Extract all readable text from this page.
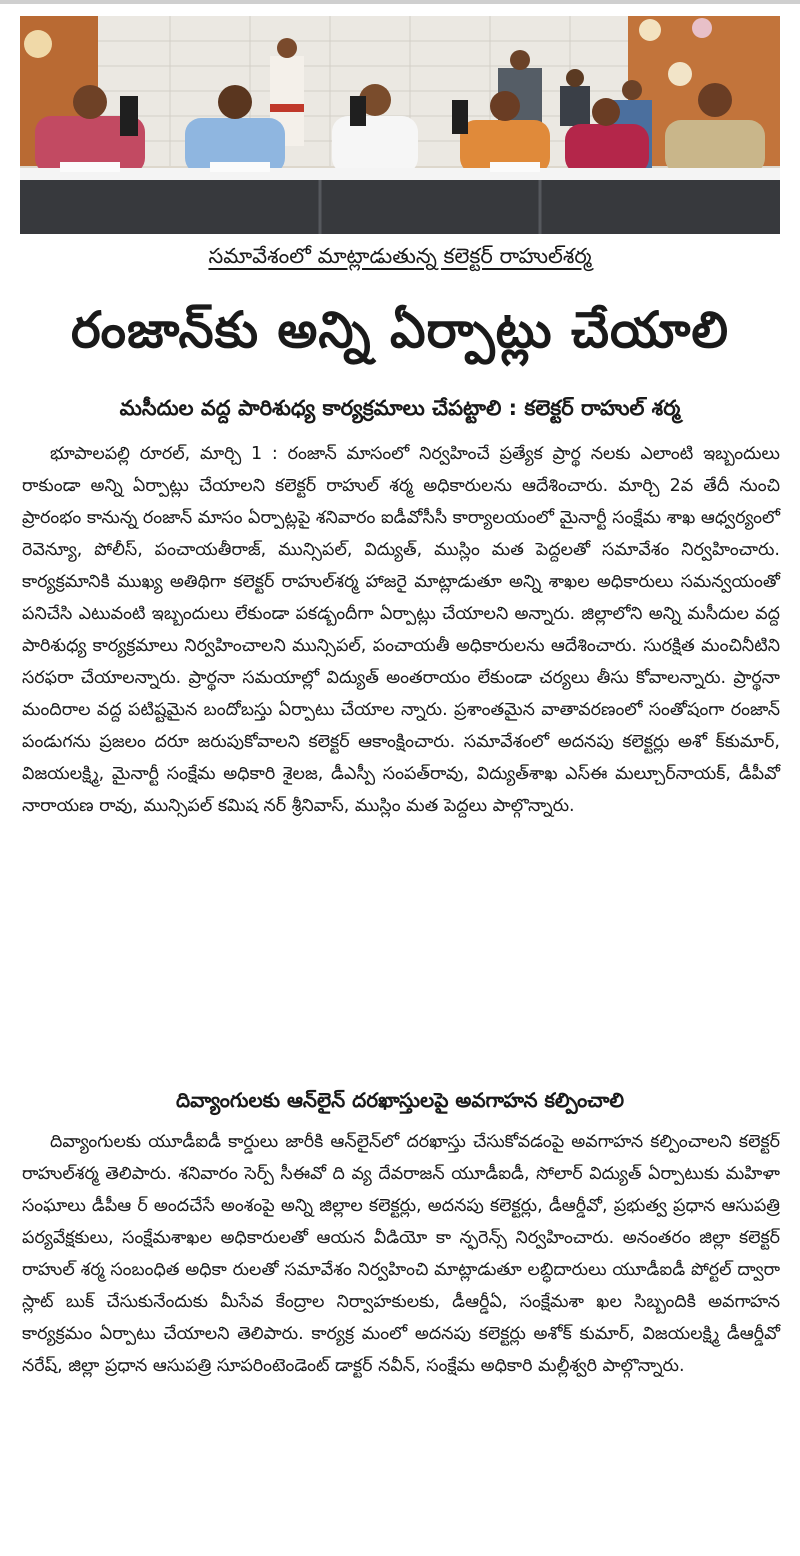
సమావేశంలో మాట్లాడుతున్న కలెక్టర్ రాహుల్‌శర్మ
రంజాన్‌కు అన్ని ఏర్పాట్లు చేయాలి
మసీదుల వద్ద పారిశుధ్య కార్యక్రమాలు చేపట్టాలి : కలెక్టర్ రాహుల్ శర్మ

భూపాలపల్లి రూరల్, మార్చి 1 : రంజాన్ మాసంలో నిర్వహించే ప్రత్యేక ప్రార్థ నలకు ఎలాంటి ఇబ్బందులు రాకుండా అన్ని ఏర్పాట్లు చేయాలని కలెక్టర్ రాహుల్ శర్మ అధికారులను ఆదేశించారు. మార్చి 2వ తేదీ నుంచి ప్రారంభం కానున్న రంజాన్ మాసం ఏర్పాట్లపై శనివారం ఐడీవోసీసీ కార్యాలయంలో మైనార్టీ సంక్షేమ శాఖ ఆధ్వర్యంలో రెవెన్యూ, పోలీస్, పంచాయతీరాజ్, మున్సిపల్, విద్యుత్, ముస్లిం మత పెద్దలతో సమావేశం నిర్వహించారు. కార్యక్రమానికి ముఖ్య అతిథిగా కలెక్టర్ రాహుల్‌శర్మ హాజరై మాట్లాడుతూ అన్ని శాఖల అధికారులు సమన్వయంతో పనిచేసి ఎటువంటి ఇబ్బందులు లేకుండా పకడ్బందీగా ఏర్పాట్లు చేయాలని అన్నారు. జిల్లాలోని అన్ని మసీదుల వద్ద పారిశుధ్య కార్యక్రమాలు నిర్వహించాలని మున్సిపల్, పంచాయతీ అధికారులను ఆదేశించారు. సురక్షిత మంచినీటిని సరఫరా చేయాలన్నారు. ప్రార్థనా సమయాల్లో విద్యుత్ అంతరాయం లేకుండా చర్యలు తీసు కోవాలన్నారు. ప్రార్థనా మందిరాల వద్ద పటిష్టమైన బందోబస్తు ఏర్పాటు చేయాల న్నారు. ప్రశాంతమైన వాతావరణంలో సంతోషంగా రంజాన్ పండుగను ప్రజలం దరూ జరుపుకోవాలని కలెక్టర్ ఆకాంక్షించారు. సమావేశంలో అదనపు కలెక్టర్లు అశో క్‌కుమార్, విజయలక్ష్మి, మైనార్టీ సంక్షేమ అధికారి శైలజ, డీఎస్పీ సంపత్‌రావు, విద్యుత్‌శాఖ ఎస్ఈ మల్చూర్‌నాయక్, డీపీవో నారాయణ రావు, మున్సిపల్ కమిష నర్ శ్రీనివాస్, ముస్లిం మత పెద్దలు పాల్గొన్నారు.

దివ్యాంగులకు ఆన్‌లైన్ దరఖాస్తులపై అవగాహన కల్పించాలి

దివ్యాంగులకు యూడీఐడీ కార్డులు జారీకి ఆన్‌లైన్‌లో దరఖాస్తు చేసుకోవడంపై అవగాహన కల్పించాలని కలెక్టర్ రాహుల్‌శర్మ తెలిపారు. శనివారం సెర్ప్ సీఈవో ది వ్య దేవరాజన్ యూడీఐడీ, సోలార్ విద్యుత్ ఏర్పాటుకు మహిళా సంఘాలు డీపీఆ ర్ అందచేసే అంశంపై అన్ని జిల్లాల కలెక్టర్లు, అదనపు కలెక్టర్లు, డీఆర్డీవో, ప్రభుత్వ ప్రధాన ఆసుపత్రి పర్యవేక్షకులు, సంక్షేమశాఖల అధికారులతో ఆయన వీడియో కా న్ఫరెన్స్ నిర్వహించారు. అనంతరం జిల్లా కలెక్టర్ రాహుల్ శర్మ సంబంధిత అధికా రులతో సమావేశం నిర్వహించి మాట్లాడుతూ లబ్ధిదారులు యూడీఐడీ పోర్టల్ ద్వారా స్లాట్ బుక్ చేసుకునేందుకు మీసేవ కేంద్రాల నిర్వాహకులకు, డీఆర్డీఏ, సంక్షేమశా ఖల సిబ్బందికి అవగాహన కార్యక్రమం ఏర్పాటు చేయాలని తెలిపారు. కార్యక్ర మంలో అదనపు కలెక్టర్లు అశోక్ కుమార్, విజయలక్ష్మి డీఆర్డీవో నరేష్, జిల్లా ప్రధాన ఆసుపత్రి సూపరింటెండెంట్ డాక్టర్ నవీన్, సంక్షేమ అధికారి మల్లీశ్వరి పాల్గొన్నారు.
